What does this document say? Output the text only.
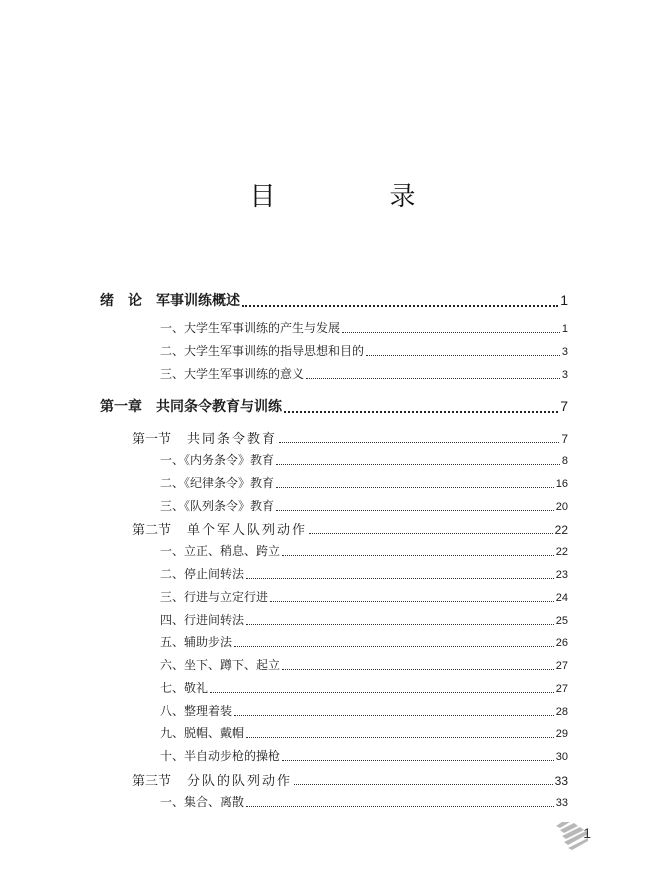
目　录
绪　论 军事训练概述	1
一、大学生军事训练的产生与发展	1
二、大学生军事训练的指导思想和目的	3
三、大学生军事训练的意义	3
第一章 共同条令教育与训练	7
第一节 共同条令教育	7
一、《内务条令》教育	8
二、《纪律条令》教育	16
三、《队列条令》教育	20
第二节 单个军人队列动作	22
一、立正、稍息、跨立	22
二、停止间转法	23
三、行进与立定行进	24
四、行进间转法	25
五、辅助步法	26
六、坐下、蹲下、起立	27
七、敬礼	27
八、整理着装	28
九、脱帽、戴帽	29
十、半自动步枪的操枪	30
第三节 分队的队列动作	33
一、集合、离散	33
1
